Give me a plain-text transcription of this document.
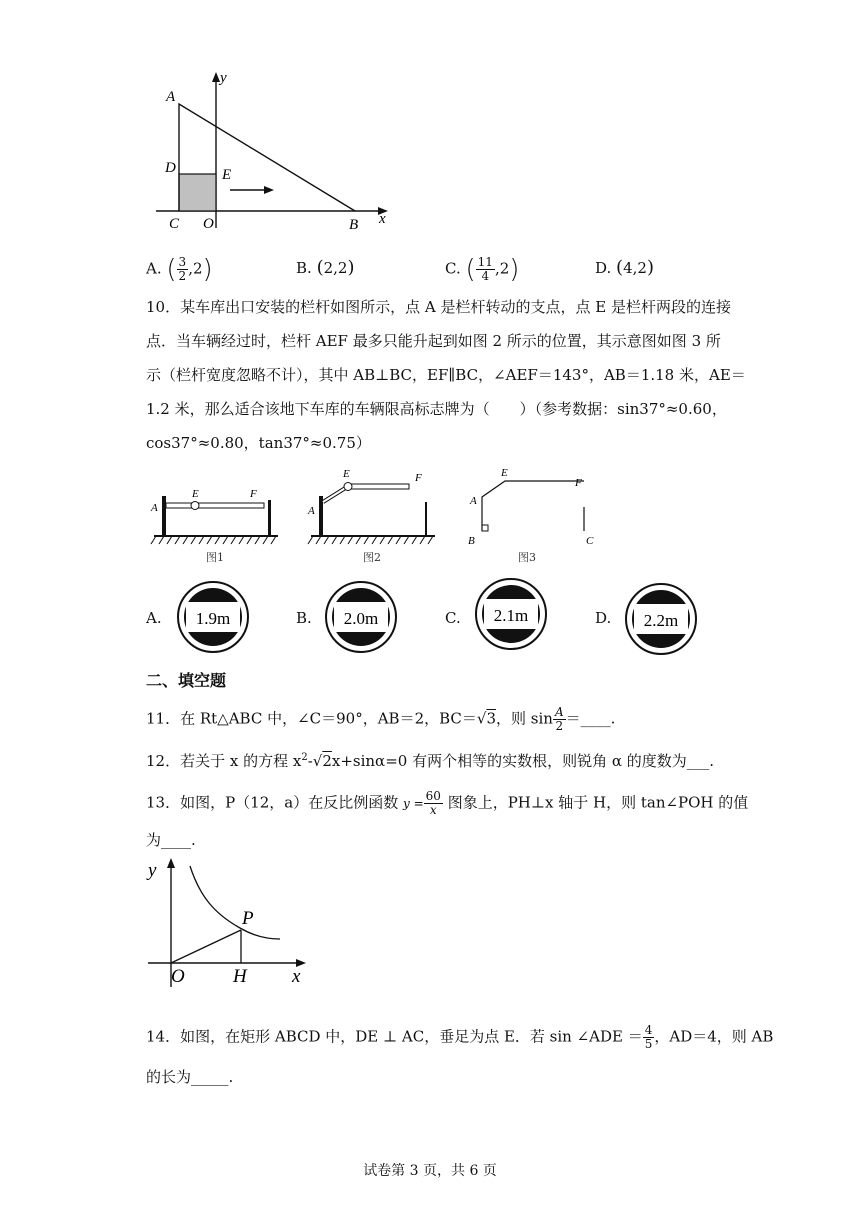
y
A
D	E
C O	B x
A. ( $\frac{3}{2} ,2$)	B. (2,2)	C. ( $\frac{11}{4} ,2$)	D. (4,2)
10．某车库出口安装的栏杆如图所示，点 A 是栏杆转动的支点，点 E 是栏杆两段的连接
点．当车辆经过时，栏杆 AEF 最多只能升起到如图 2 所示的位置，其示意图如图 3 所
示（栏杆宽度忽略不计），其中 AB⊥BC，EF∥BC，∠AEF＝143°，AB＝1.18 米，AE＝
1.2 米，那么适合该地下车库的车辆限高标志牌为（　　）（参考数据：sin37°≈0.60，
cos37°≈0.80，tan37°≈0.75）
A
E	F
图1
A
E	F
图2
A
E
F
B	C
图3
A. 1.9m	B. 2.0m	C. 2.1m	D. 2.2m
二、填空题
11．在 Rt△ABC 中，∠C＝90°，AB＝2，BC＝√3，则 $\sin \frac{A}{2}$ ＝____.
12．若关于 x 的方程 $x^2-√2x+\sin\alpha=0$ 有两个相等的实数根，则锐角 α 的度数为___.
13．如图，P（12，a）在反比例函数 $y = \frac{60}{x}$ 图象上，PH⊥x 轴于 H，则 tan∠POH 的值
为____.
y
P
O	H x
14．如图，在矩形 ABCD 中，DE ⊥ AC，垂足为点 E．若 sin ∠ADE ＝ $\frac{4}{5}$ ，AD＝4，则 AB
的长为_____.
试卷第 3 页，共 6 页
